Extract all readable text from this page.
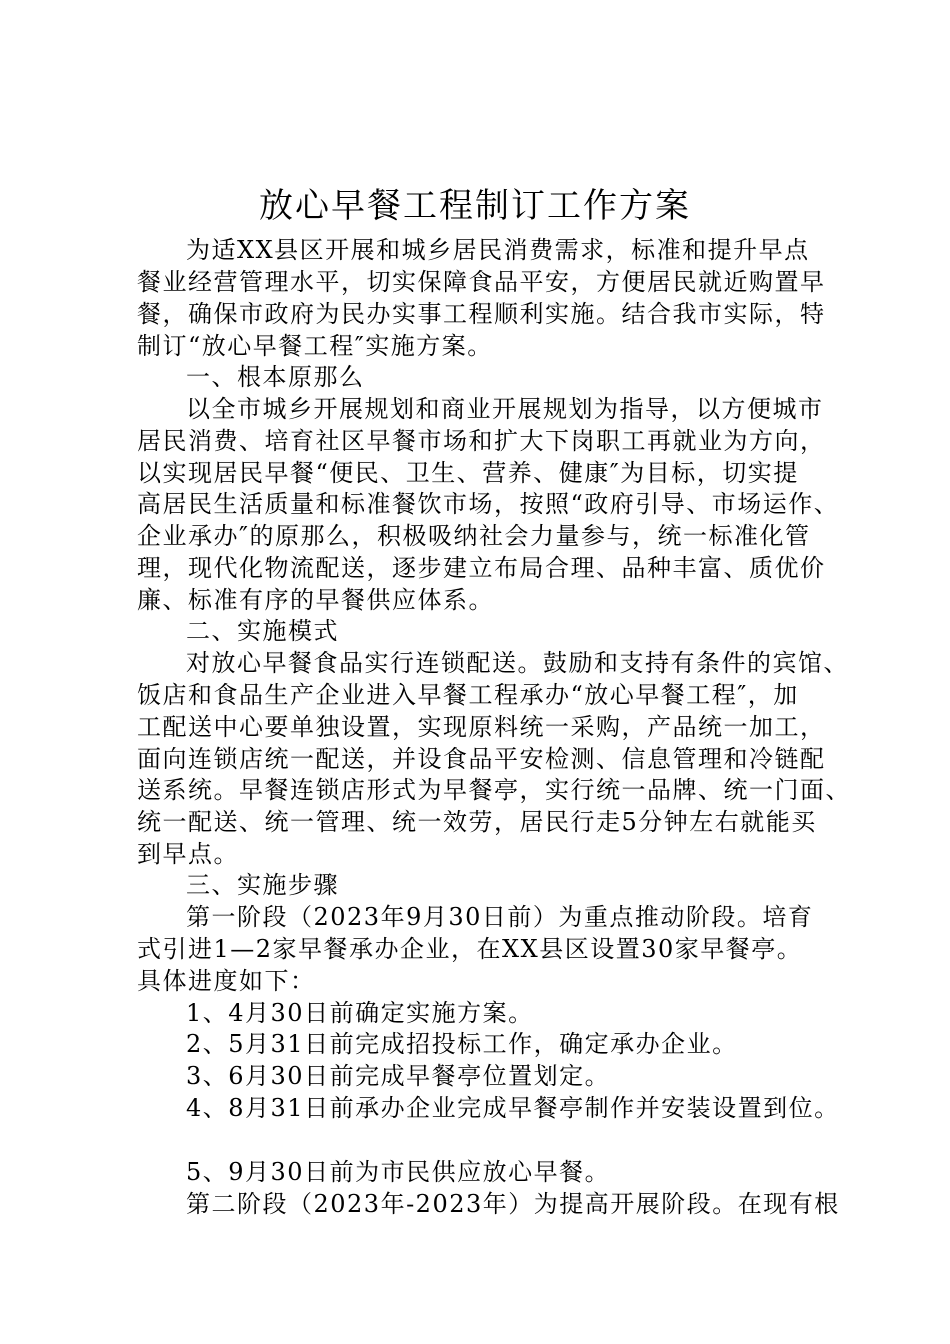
放心早餐工程制订工作方案

为适XX县区开展和城乡居民消费需求，标准和提升早点

餐业经营管理水平，切实保障食品平安，方便居民就近购置早

餐，确保市政府为民办实事工程顺利实施。结合我市实际，特

制订“放心早餐工程″实施方案。

一、根本原那么

以全市城乡开展规划和商业开展规划为指导，以方便城市

居民消费、培育社区早餐市场和扩大下岗职工再就业为方向，

以实现居民早餐“便民、卫生、营养、健康″为目标，切实提

高居民生活质量和标准餐饮市场，按照“政府引导、市场运作、

企业承办″的原那么，积极吸纳社会力量参与，统一标准化管

理，现代化物流配送，逐步建立布局合理、品种丰富、质优价

廉、标准有序的早餐供应体系。

二、实施模式

对放心早餐食品实行连锁配送。鼓励和支持有条件的宾馆、

饭店和食品生产企业进入早餐工程承办“放心早餐工程″，加

工配送中心要单独设置，实现原料统一采购，产品统一加工，

面向连锁店统一配送，并设食品平安检测、信息管理和冷链配

送系统。早餐连锁店形式为早餐亭，实行统一品牌、统一门面、

统一配送、统一管理、统一效劳，居民行走5分钟左右就能买

到早点。

三、实施步骤

第一阶段（2023年9月30日前）为重点推动阶段。培育

式引进1—2家早餐承办企业，在XX县区设置30家早餐亭。

具体进度如下：

1、4月30日前确定实施方案。

2、5月31日前完成招投标工作，确定承办企业。

3、6月30日前完成早餐亭位置划定。

4、8月31日前承办企业完成早餐亭制作并安装设置到位。

5、9月30日前为市民供应放心早餐。

第二阶段（2023年-2023年）为提高开展阶段。在现有根
